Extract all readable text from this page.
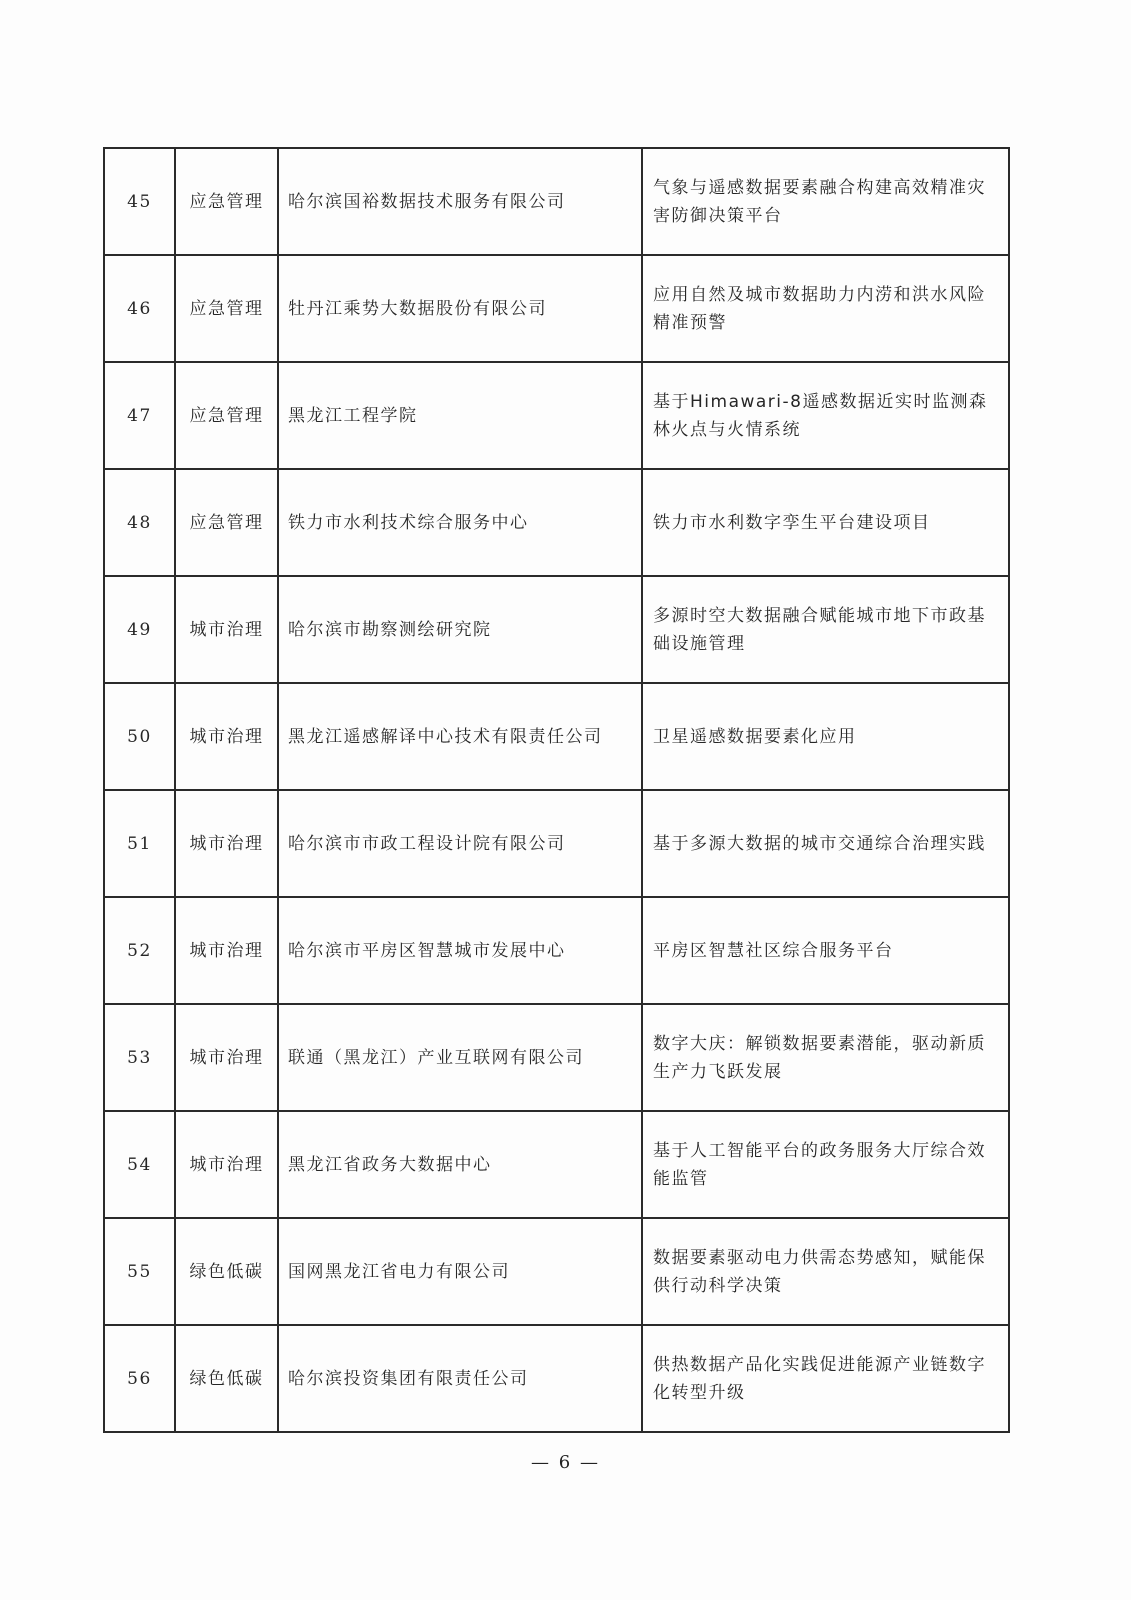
45	应急管理	哈尔滨国裕数据技术服务有限公司	气象与遥感数据要素融合构建高效精准灾害防御决策平台
46	应急管理	牡丹江乘势大数据股份有限公司	应用自然及城市数据助力内涝和洪水风险精准预警
47	应急管理	黑龙江工程学院	基于Himawari-8遥感数据近实时监测森林火点与火情系统
48	应急管理	铁力市水利技术综合服务中心	铁力市水利数字孪生平台建设项目
49	城市治理	哈尔滨市勘察测绘研究院	多源时空大数据融合赋能城市地下市政基础设施管理
50	城市治理	黑龙江遥感解译中心技术有限责任公司	卫星遥感数据要素化应用
51	城市治理	哈尔滨市市政工程设计院有限公司	基于多源大数据的城市交通综合治理实践
52	城市治理	哈尔滨市平房区智慧城市发展中心	平房区智慧社区综合服务平台
53	城市治理	联通（黑龙江）产业互联网有限公司	数字大庆：解锁数据要素潜能，驱动新质生产力飞跃发展
54	城市治理	黑龙江省政务大数据中心	基于人工智能平台的政务服务大厅综合效能监管
55	绿色低碳	国网黑龙江省电力有限公司	数据要素驱动电力供需态势感知，赋能保供行动科学决策
56	绿色低碳	哈尔滨投资集团有限责任公司	供热数据产品化实践促进能源产业链数字化转型升级
— 6 —
